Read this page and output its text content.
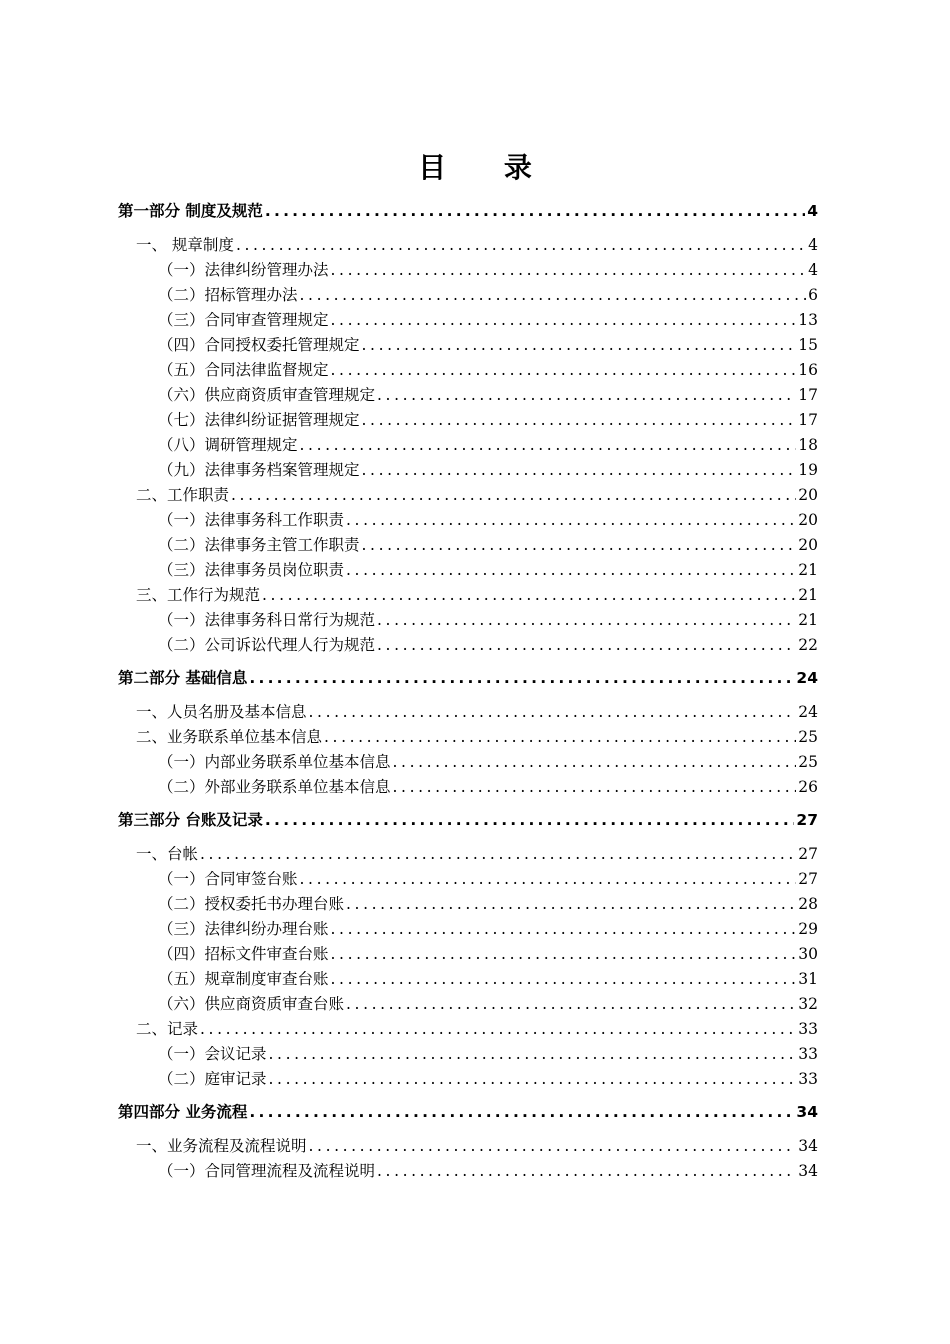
目 录
第一部分 制度及规范 .....	4
一、 规章制度 .....	4
（一）法律纠纷管理办法 .....	4
（二）招标管理办法 .....	6
（三）合同审查管理规定 .....	13
（四）合同授权委托管理规定 .....	15
（五）合同法律监督规定 .....	16
（六）供应商资质审查管理规定 .....	17
（七）法律纠纷证据管理规定 .....	17
（八）调研管理规定 .....	18
（九）法律事务档案管理规定 .....	19
二、工作职责 .....	20
（一）法律事务科工作职责 .....	20
（二）法律事务主管工作职责 .....	20
（三）法律事务员岗位职责 .....	21
三、工作行为规范 .....	21
（一）法律事务科日常行为规范 .....	21
（二）公司诉讼代理人行为规范 .....	22
第二部分 基础信息 .....	24
一、人员名册及基本信息 .....	24
二、业务联系单位基本信息 .....	25
（一）内部业务联系单位基本信息 .....	25
（二）外部业务联系单位基本信息 .....	26
第三部分 台账及记录 .....	27
一、台帐 .....	27
（一）合同审签台账 .....	27
（二）授权委托书办理台账 .....	28
（三）法律纠纷办理台账 .....	29
（四）招标文件审查台账 .....	30
（五）规章制度审查台账 .....	31
（六）供应商资质审查台账 .....	32
二、记录 .....	33
（一）会议记录 .....	33
（二）庭审记录 .....	33
第四部分 业务流程 .....	34
一、业务流程及流程说明 .....	34
（一）合同管理流程及流程说明 .....	34
